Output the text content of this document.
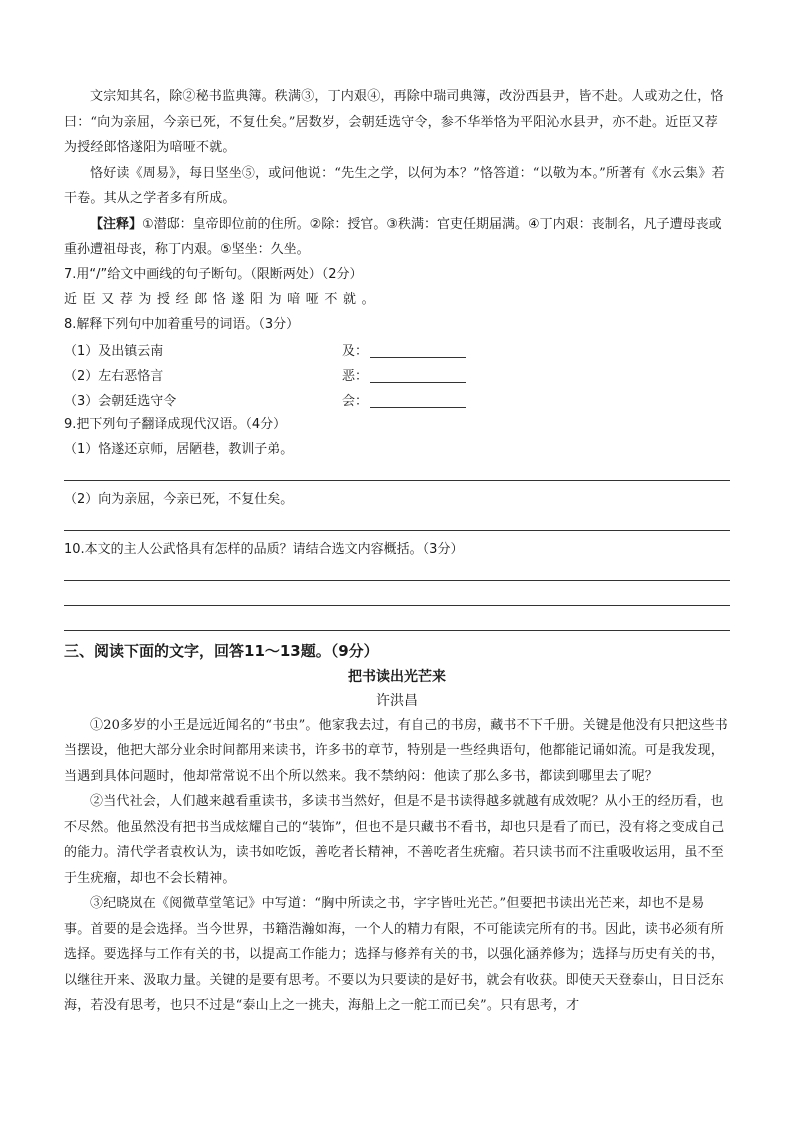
文宗知其名，除②秘书监典簿。秩满③，丁内艰④，再除中瑞司典簿，改汾西县尹，皆不赴。人或劝之仕，恪曰：“向为亲屈，今亲已死，不复仕矣。”居数岁，会朝廷选守令，参不华举恪为平阳沁水县尹，亦不赴。近臣又荐为授经郎恪遂阳为喑哑不就。

恪好读《周易》，每日坚坐⑤，或问他说：“先生之学，以何为本？”恪答道：“以敬为本。”所著有《水云集》若干卷。其从之学者多有所成。

【注释】①潜邸：皇帝即位前的住所。②除：授官。③秩满：官吏任期届满。④丁内艰：丧制名，凡子遭母丧或重孙遭祖母丧，称丁内艰。⑤坚坐：久坐。

7.用“/”给文中画线的句子断句。（限断两处）（2分）

近臣又荐为授经郎恪遂阳为喑哑不就。

8.解释下列句中加着重号的词语。（3分）

（1）及出镇云南	及：
（2）左右恶恪言	恶：
（3）会朝廷选守令	会：

9.把下列句子翻译成现代汉语。（4分）

（1）恪遂还京师，居陋巷，教训子弟。

（2）向为亲屈，今亲已死，不复仕矣。

10.本文的主人公武恪具有怎样的品质？请结合选文内容概括。（3分）

三、阅读下面的文字，回答11～13题。（9分）

把书读出光芒来

许洪昌

①20多岁的小王是远近闻名的“书虫”。他家我去过，有自己的书房，藏书不下千册。关键是他没有只把这些书当摆设，他把大部分业余时间都用来读书，许多书的章节，特别是一些经典语句，他都能记诵如流。可是我发现，当遇到具体问题时，他却常常说不出个所以然来。我不禁纳闷：他读了那么多书，都读到哪里去了呢？

②当代社会，人们越来越看重读书，多读书当然好，但是不是书读得越多就越有成效呢？从小王的经历看，也不尽然。他虽然没有把书当成炫耀自己的“装饰”，但也不是只藏书不看书，却也只是看了而已，没有将之变成自己的能力。清代学者袁枚认为，读书如吃饭，善吃者长精神，不善吃者生疣瘤。若只读书而不注重吸收运用，虽不至于生疣瘤，却也不会长精神。

③纪晓岚在《阅微草堂笔记》中写道：“胸中所读之书，字字皆吐光芒。”但要把书读出光芒来，却也不是易事。首要的是会选择。当今世界，书籍浩瀚如海，一个人的精力有限，不可能读完所有的书。因此，读书必须有所选择。要选择与工作有关的书，以提高工作能力；选择与修养有关的书，以强化涵养修为；选择与历史有关的书，以继往开来、汲取力量。关键的是要有思考。不要以为只要读的是好书，就会有收获。即使天天登泰山，日日泛东海，若没有思考，也只不过是“泰山上之一挑夫，海船上之一舵工而已矣”。只有思考，才
